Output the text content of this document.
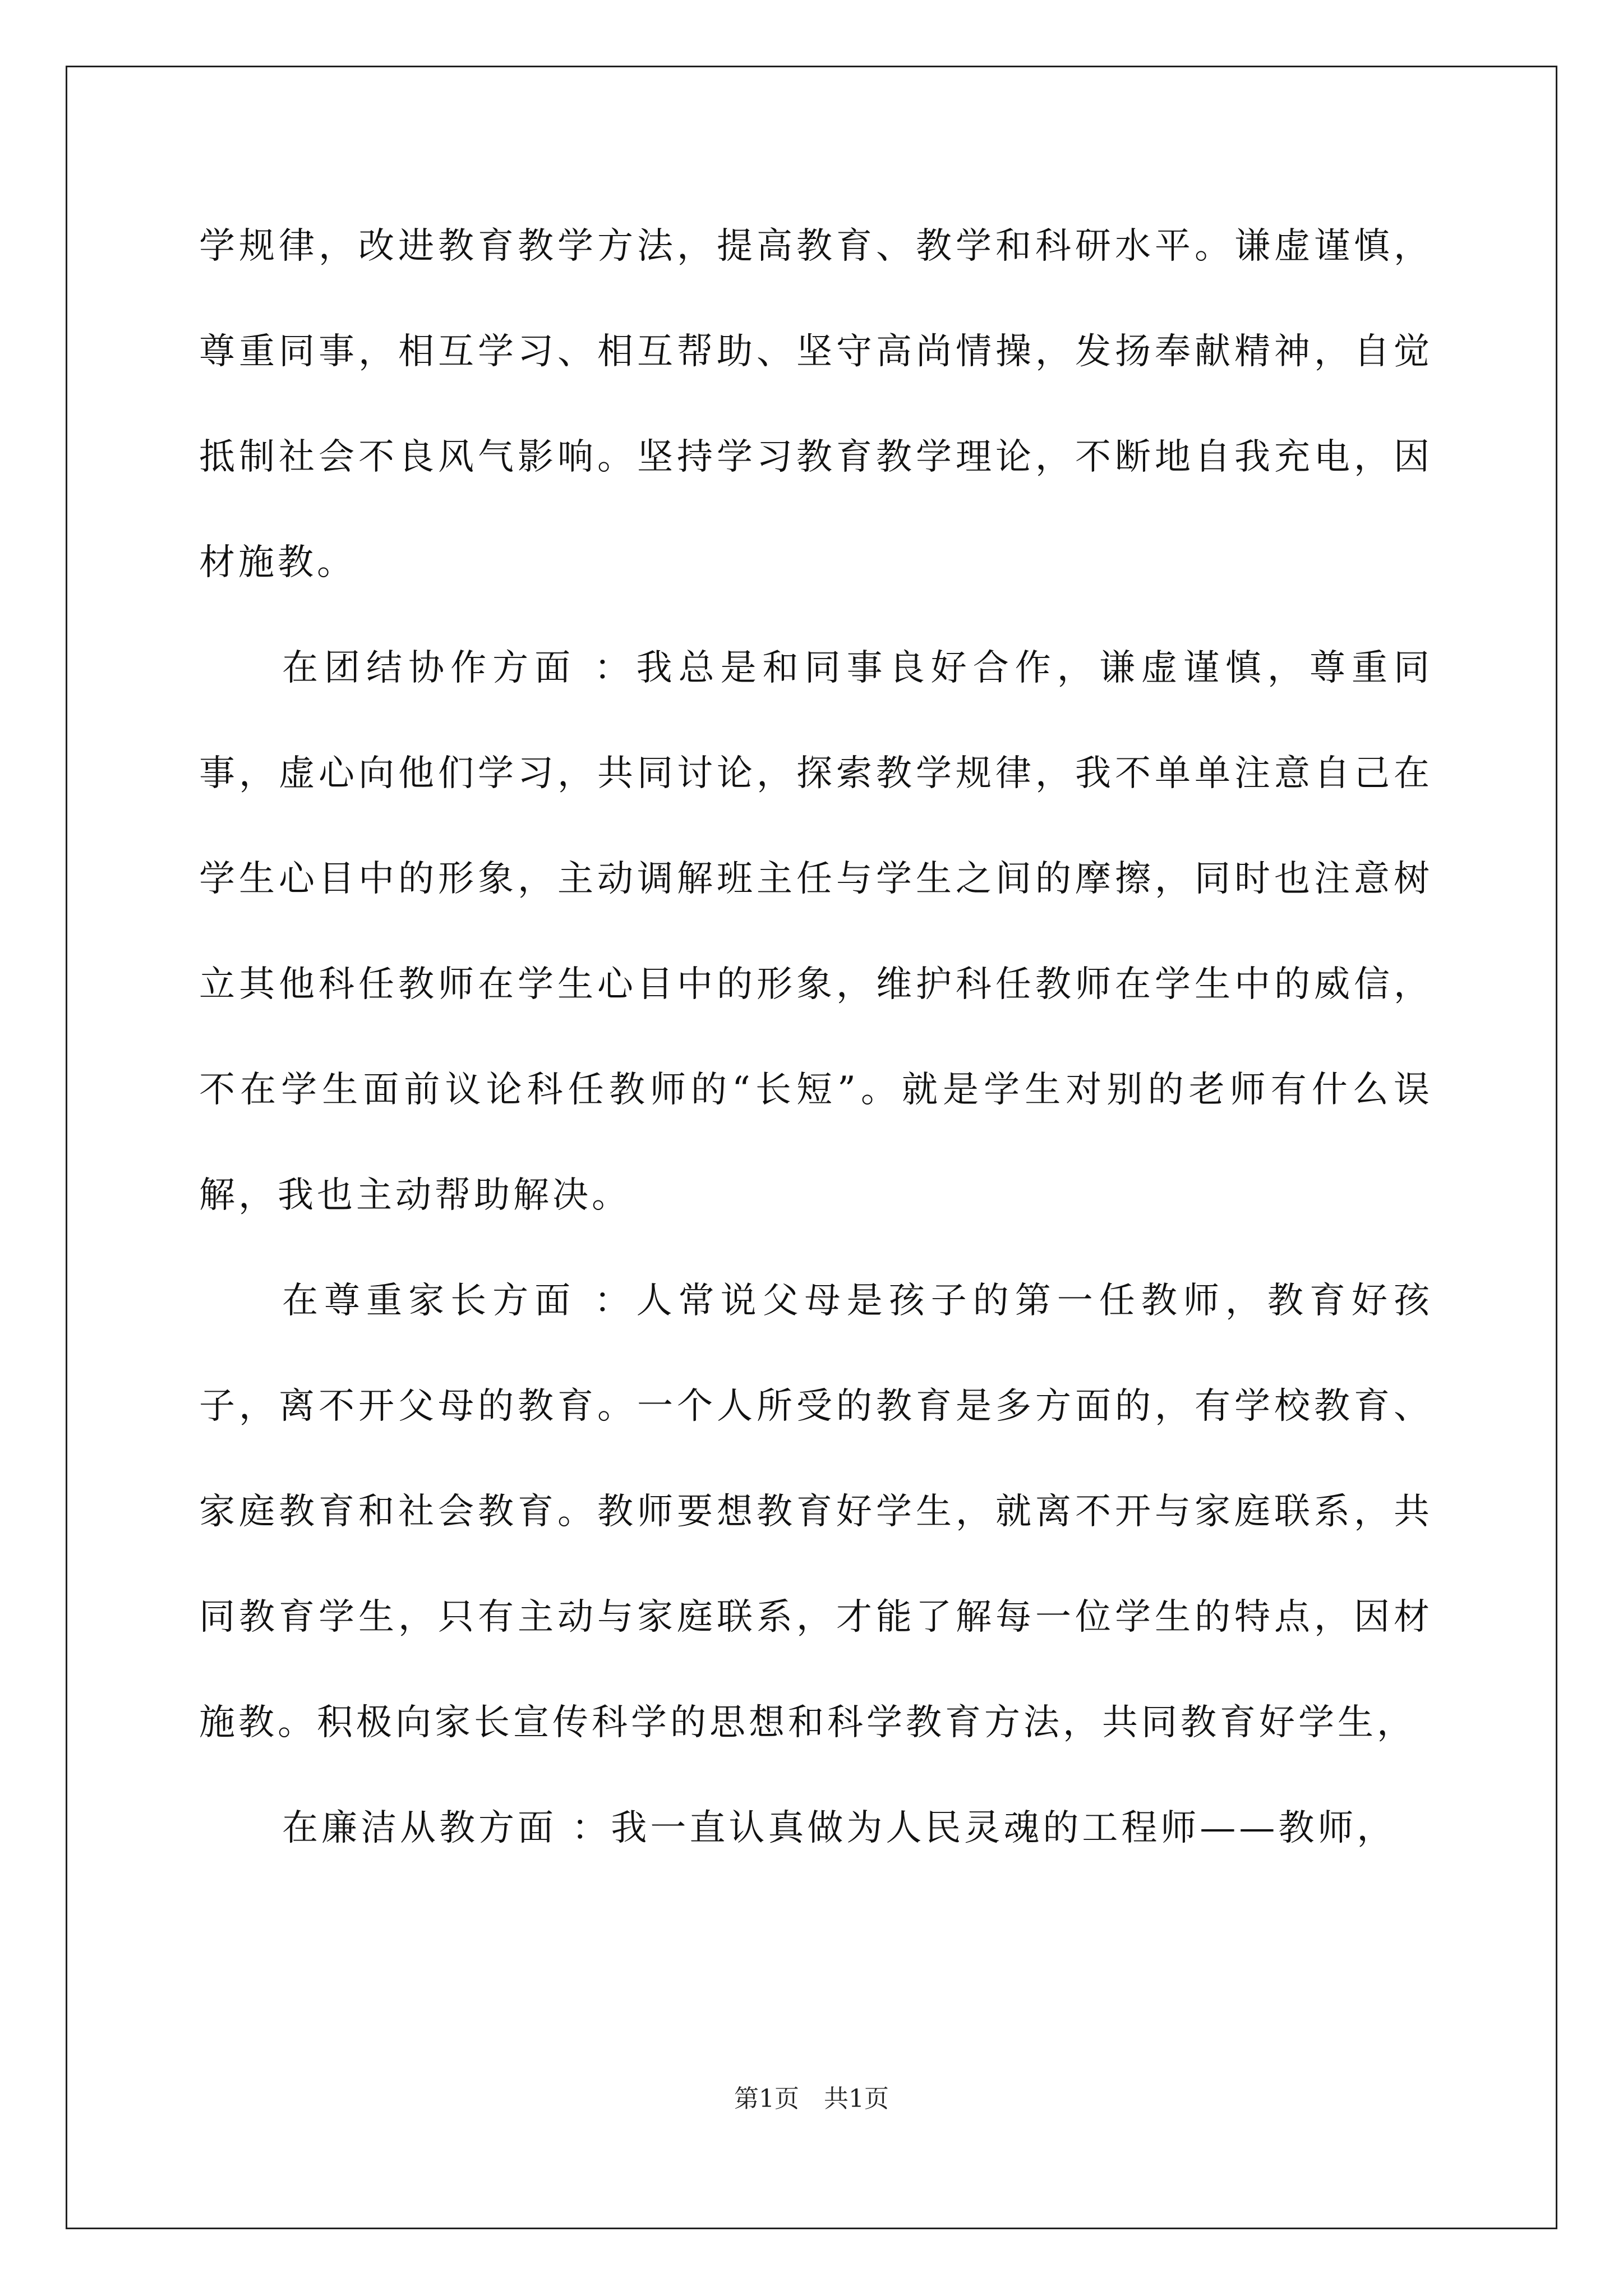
学规律，改进教育教学方法，提高教育、教学和科研水平。谦虚谨慎，尊重同事，相互学习、相互帮助、坚守高尚情操，发扬奉献精神，自觉抵制社会不良风气影响。坚持学习教育教学理论，不断地自我充电，因材施教。

在团结协作方面 ：我总是和同事良好合作，谦虚谨慎，尊重同事，虚心向他们学习，共同讨论，探索教学规律，我不单单注意自己在学生心目中的形象，主动调解班主任与学生之间的摩擦，同时也注意树立其他科任教师在学生心目中的形象，维护科任教师在学生中的威信，不在学生面前议论科任教师的“长短”。就是学生对别的老师有什么误解，我也主动帮助解决。

在尊重家长方面 ：人常说父母是孩子的第一任教师，教育好孩子，离不开父母的教育。一个人所受的教育是多方面的，有学校教育、家庭教育和社会教育。教师要想教育好学生，就离不开与家庭联系，共同教育学生，只有主动与家庭联系，才能了解每一位学生的特点，因材施教。积极向家长宣传科学的思想和科学教育方法，共同教育好学生，

在廉洁从教方面 ：我一直认真做为人民灵魂的工程师——教师，

第1页 共1页
